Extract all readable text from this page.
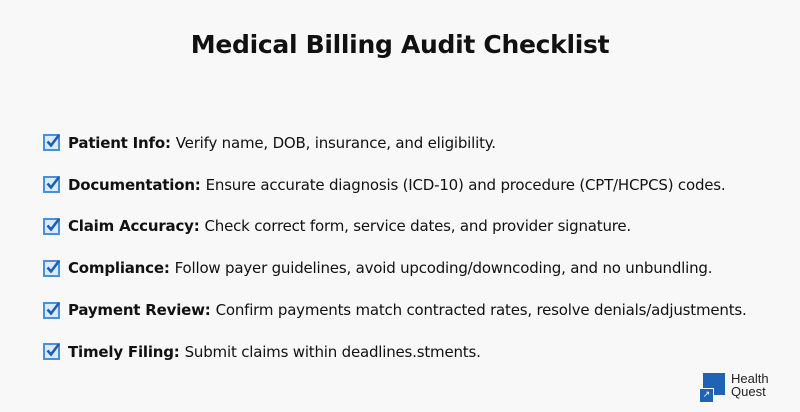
Medical Billing Audit Checklist
Patient Info: Verify name, DOB, insurance, and eligibility.
Documentation: Ensure accurate diagnosis (ICD-10) and procedure (CPT/HCPCS) codes.
Claim Accuracy: Check correct form, service dates, and provider signature.
Compliance: Follow payer guidelines, avoid upcoding/downcoding, and no unbundling.
Payment Review: Confirm payments match contracted rates, resolve denials/adjustments.
Timely Filing: Submit claims within deadlines.stments.
↗
Health
Quest
